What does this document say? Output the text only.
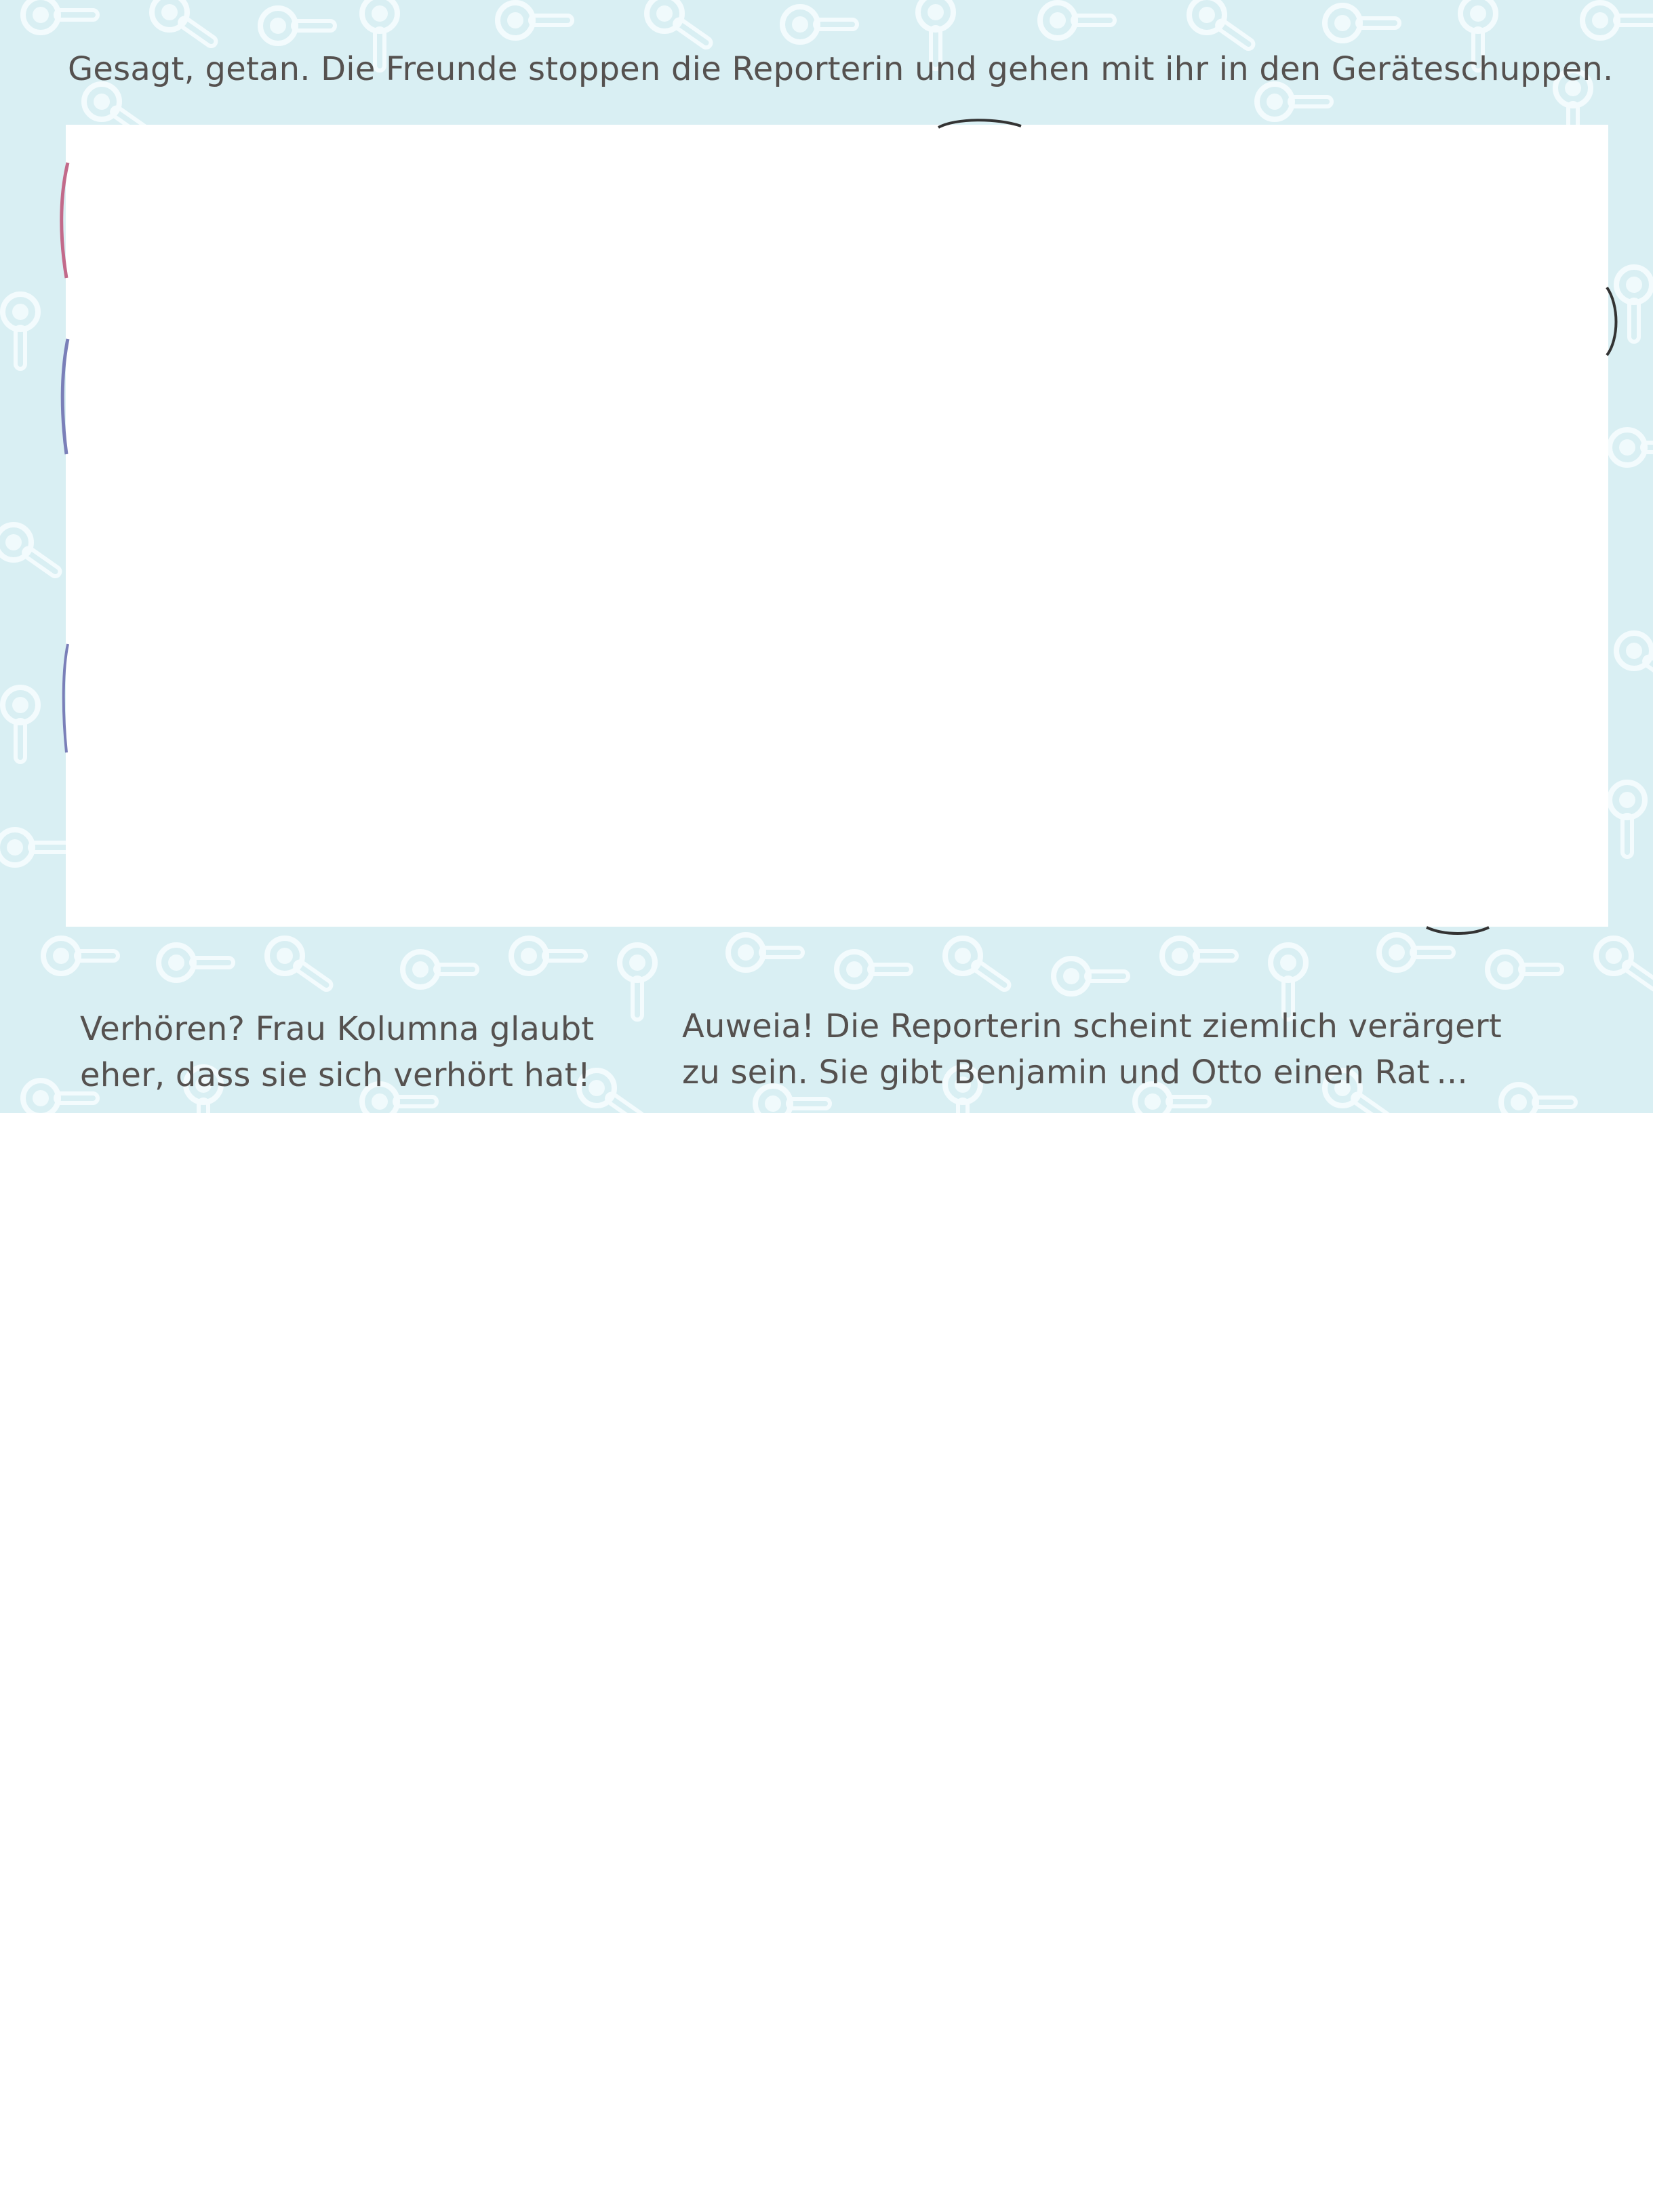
Gesagt, getan. Die Freunde stoppen die Reporterin und gehen mit ihr in den Geräteschuppen.
Verhören? Frau Kolumna glaubt
eher, dass sie sich verhört hat!
Auweia! Die Reporterin scheint ziemlich verärgert
zu sein. Sie gibt Benjamin und Otto einen Rat ...
